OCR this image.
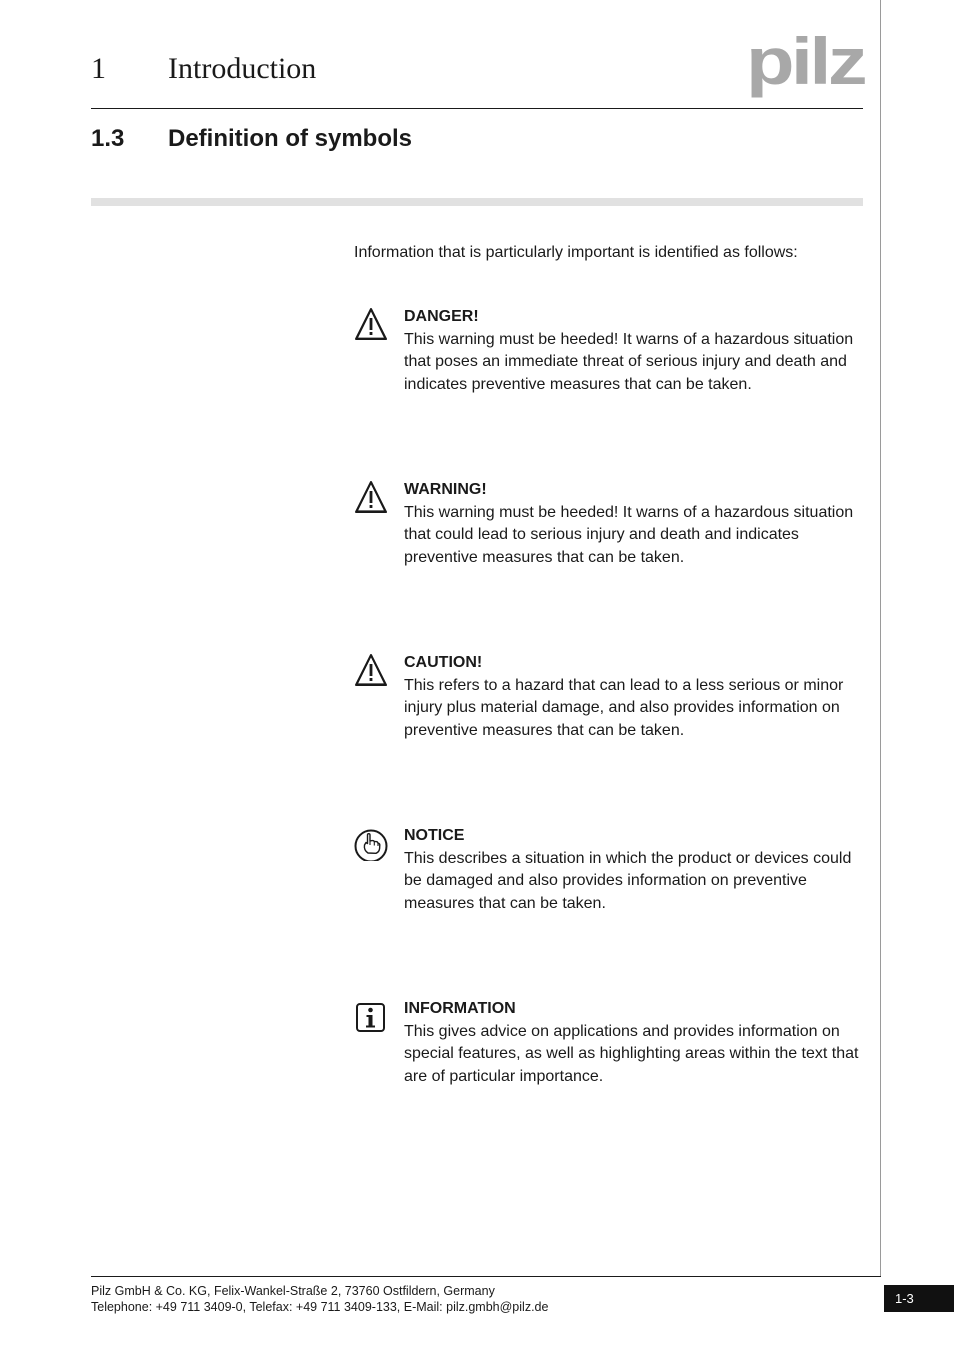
1 Introduction	pilz
1.3 Definition of symbols
Information that is particularly important is identified as follows:
DANGER!
This warning must be heeded! It warns of a hazardous situation that poses an immediate threat of serious injury and death and indicates preventive measures that can be taken.
WARNING!
This warning must be heeded! It warns of a hazardous situation that could lead to serious injury and death and indicates preventive measures that can be taken.
CAUTION!
This refers to a hazard that can lead to a less serious or minor injury plus material damage, and also provides information on preventive measures that can be taken.
NOTICE
This describes a situation in which the product or devices could be damaged and also provides information on preventive measures that can be taken.
INFORMATION
This gives advice on applications and provides information on special features, as well as highlighting areas within the text that are of particular importance.
Pilz GmbH & Co. KG, Felix-Wankel-Straße 2, 73760 Ostfildern, Germany
Telephone: +49 711 3409-0, Telefax: +49 711 3409-133, E-Mail: pilz.gmbh@pilz.de
1-3
